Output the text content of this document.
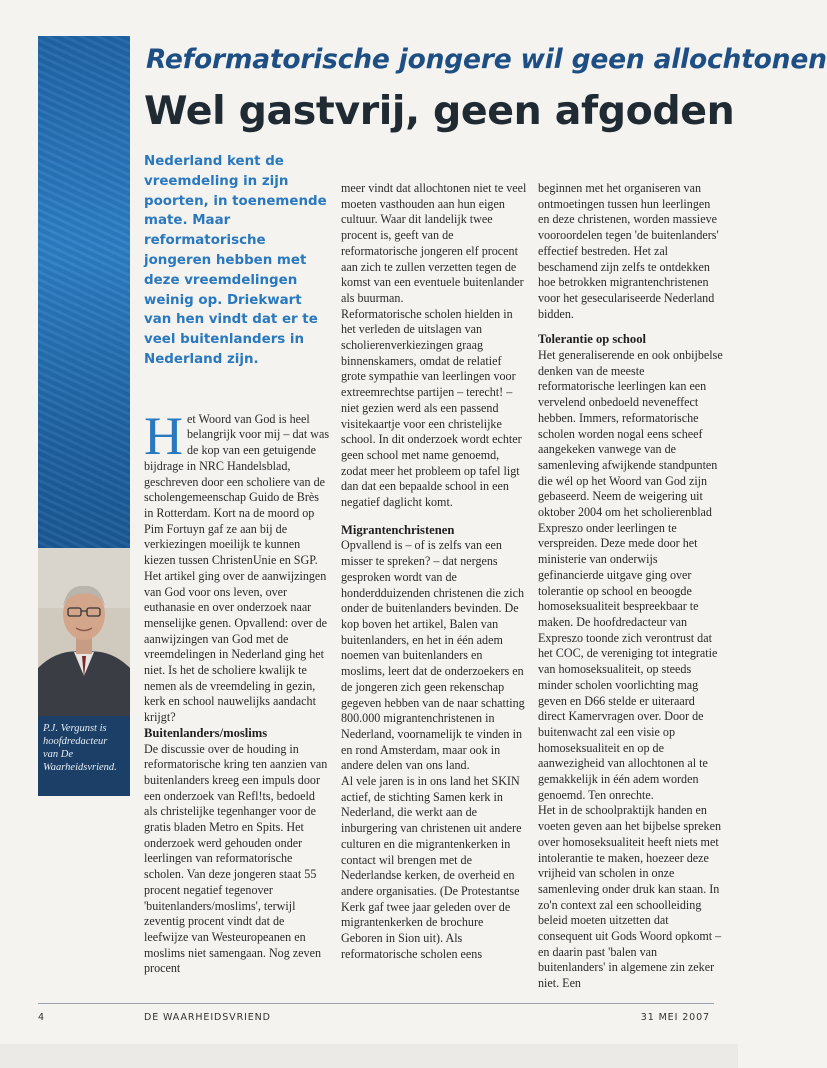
P.J. Vergunst is hoofdredacteur van De Waarheidsvriend.

Reformatorische jongere wil geen allochtonen
Wel gastvrij, geen afgoden

Nederland kent de vreemdeling in zijn poorten, in toenemende mate. Maar reformatorische jongeren hebben met deze vreemdelingen weinig op. Driekwart van hen vindt dat er te veel buitenlanders in Nederland zijn.

H et Woord van God is heel belangrijk voor mij – dat was de kop van een getuigende bijdrage in NRC Handelsblad, geschreven door een scholiere van de scholengemeenschap Guido de Brès in Rotterdam. Kort na de moord op Pim Fortuyn gaf ze aan bij de verkiezingen moeilijk te kunnen kiezen tussen ChristenUnie en SGP. Het artikel ging over de aanwijzingen van God voor ons leven, over euthanasie en over onderzoek naar menselijke genen. Opvallend: over de aanwijzingen van God met de vreemdelingen in Nederland ging het niet. Is het de scholiere kwalijk te nemen als de vreemdeling in gezin, kerk en school nauwelijks aandacht krijgt?

Buitenlanders/moslims

De discussie over de houding in reformatorische kring ten aanzien van buitenlanders kreeg een impuls door een onderzoek van Refl!ts, bedoeld als christelijke tegenhanger voor de gratis bladen Metro en Spits. Het onderzoek werd gehouden onder leerlingen van reformatorische scholen. Van deze jongeren staat 55 procent negatief tegenover 'buitenlanders/moslims', terwijl zeventig procent vindt dat de leefwijze van Westeuropeanen en moslims niet samengaan. Nog zeven procent

meer vindt dat allochtonen niet te veel moeten vasthouden aan hun eigen cultuur. Waar dit landelijk twee procent is, geeft van de reformatorische jongeren elf procent aan zich te zullen verzetten tegen de komst van een eventuele buitenlander als buurman.

Reformatorische scholen hielden in het verleden de uitslagen van scholierenverkiezingen graag binnenskamers, omdat de relatief grote sympathie van leerlingen voor extreemrechtse partijen – terecht! – niet gezien werd als een passend visitekaartje voor een christelijke school. In dit onderzoek wordt echter geen school met name genoemd, zodat meer het probleem op tafel ligt dan dat een bepaalde school in een negatief daglicht komt.

Migrantenchristenen

Opvallend is – of is zelfs van een misser te spreken? – dat nergens gesproken wordt van de honderdduizenden christenen die zich onder de buitenlanders bevinden. De kop boven het artikel, Balen van buitenlanders, en het in één adem noemen van buitenlanders en moslims, leert dat de onderzoekers en de jongeren zich geen rekenschap gegeven hebben van de naar schatting 800.000 migrantenchristenen in Nederland, voornamelijk te vinden in en rond Amsterdam, maar ook in andere delen van ons land.

Al vele jaren is in ons land het SKIN actief, de stichting Samen kerk in Nederland, die werkt aan de inburgering van christenen uit andere culturen en die migrantenkerken in contact wil brengen met de Nederlandse kerken, de overheid en andere organisaties. (De Protestantse Kerk gaf twee jaar geleden over de migrantenkerken de brochure Geboren in Sion uit). Als reformatorische scholen eens

beginnen met het organiseren van ontmoetingen tussen hun leerlingen en deze christenen, worden massieve vooroordelen tegen 'de buitenlanders' effectief bestreden. Het zal beschamend zijn zelfs te ontdekken hoe betrokken migrantenchristenen voor het geseculariseerde Nederland bidden.

Tolerantie op school

Het generaliserende en ook onbijbelse denken van de meeste reformatorische leerlingen kan een vervelend onbedoeld neveneffect hebben. Immers, reformatorische scholen worden nogal eens scheef aangekeken vanwege van de samenleving afwijkende standpunten die wél op het Woord van God zijn gebaseerd. Neem de weigering uit oktober 2004 om het scholierenblad Expreszo onder leerlingen te verspreiden. Deze mede door het ministerie van onderwijs gefinancierde uitgave ging over tolerantie op school en beoogde homoseksualiteit bespreekbaar te maken. De hoofdredacteur van Expreszo toonde zich verontrust dat het COC, de vereniging tot integratie van homoseksualiteit, op steeds minder scholen voorlichting mag geven en D66 stelde er uiteraard direct Kamervragen over. Door de buitenwacht zal een visie op homoseksualiteit en op de aanwezigheid van allochtonen al te gemakkelijk in één adem worden genoemd. Ten onrechte.

Het in de schoolpraktijk handen en voeten geven aan het bijbelse spreken over homoseksualiteit heeft niets met intolerantie te maken, hoezeer deze vrijheid van scholen in onze samenleving onder druk kan staan. In zo'n context zal een schoolleiding beleid moeten uitzetten dat consequent uit Gods Woord opkomt – en daarin past 'balen van buitenlanders' in algemene zin zeker niet. Een

4	DE WAARHEIDSVRIEND	31 MEI 2007
